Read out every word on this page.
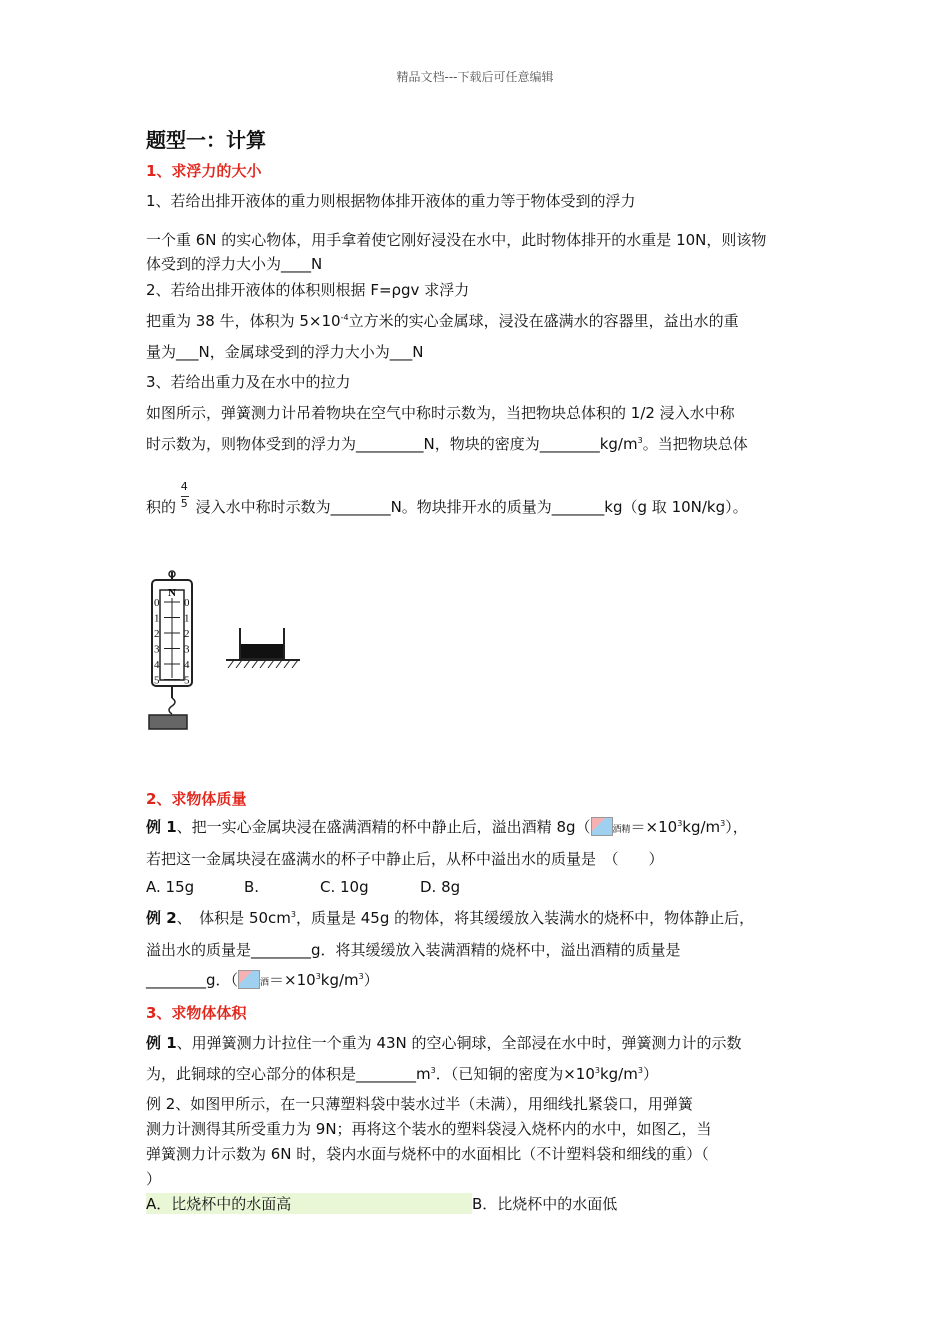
精品文档---下载后可任意编辑
题型一：计算
1、求浮力的大小
1、若给出排开液体的重力则根据物体排开液体的重力等于物体受到的浮力
一个重 6N 的实心物体，用手拿着使它刚好浸没在水中，此时物体排开的水重是 10N，则该物
体受到的浮力大小为____N
2、若给出排开液体的体积则根据 F=ρgv 求浮力
把重为 38 牛，体积为 $5\times 10^{-4}$立方米的实心金属球，浸没在盛满水的容器里，益出水的重
量为___N，金属球受到的浮力大小为___N
3、若给出重力及在水中的拉力
如图所示，弹簧测力计吊着物块在空气中称时示数为，当把物块总体积的 1/2 浸入水中称
时示数为，则物体受到的浮力为_________N，物块的密度为$\_\_\_\_\_\_\_\_kg/m^3$。当把物块总体
积的 $\frac{4}{5}$ 浸入水中称时示数为________N。物块排开水的质量为_______kg（g 取 10N/kg）。
N
0 0
1 1
2 2
3 3
4 4
5 5
2、求物体质量
例 1、把一实心金属块浸在盛满酒精的杯中静止后，溢出酒精 8g（ 酒精$=\times 10^3kg/m^3$），
若把这一金属块浸在盛满水的杯子中静止后，从杯中溢出水的质量是　（　　）
A. 15g	B.	C. 10g	D. 8g
例 2、　体积是 $50cm^3$，质量是 45g 的物体，将其缓缓放入装满水的烧杯中，物体静止后，
溢出水的质量是________g．将其缓缓放入装满酒精的烧杯中，溢出酒精的质量是
________g．（ 酒$=\times 10^3kg/m^3$）
3、求物体体积
例 1、用弹簧测力计拉住一个重为 43N 的空心铜球，全部浸在水中时，弹簧测力计的示数
为，此铜球的空心部分的体积是$\_\_\_\_\_\_\_\_m^3$．（已知铜的密度为$\times 10^3kg/m^3$）
例 2、如图甲所示，在一只薄塑料袋中装水过半（未满），用细线扎紧袋口，用弹簧
测力计测得其所受重力为 9N；再将这个装水的塑料袋浸入烧杯内的水中，如图乙，当
弹簧测力计示数为 6N 时，袋内水面与烧杯中的水面相比（不计塑料袋和细线的重）（
）
A．比烧杯中的水面高	B．比烧杯中的水面低
